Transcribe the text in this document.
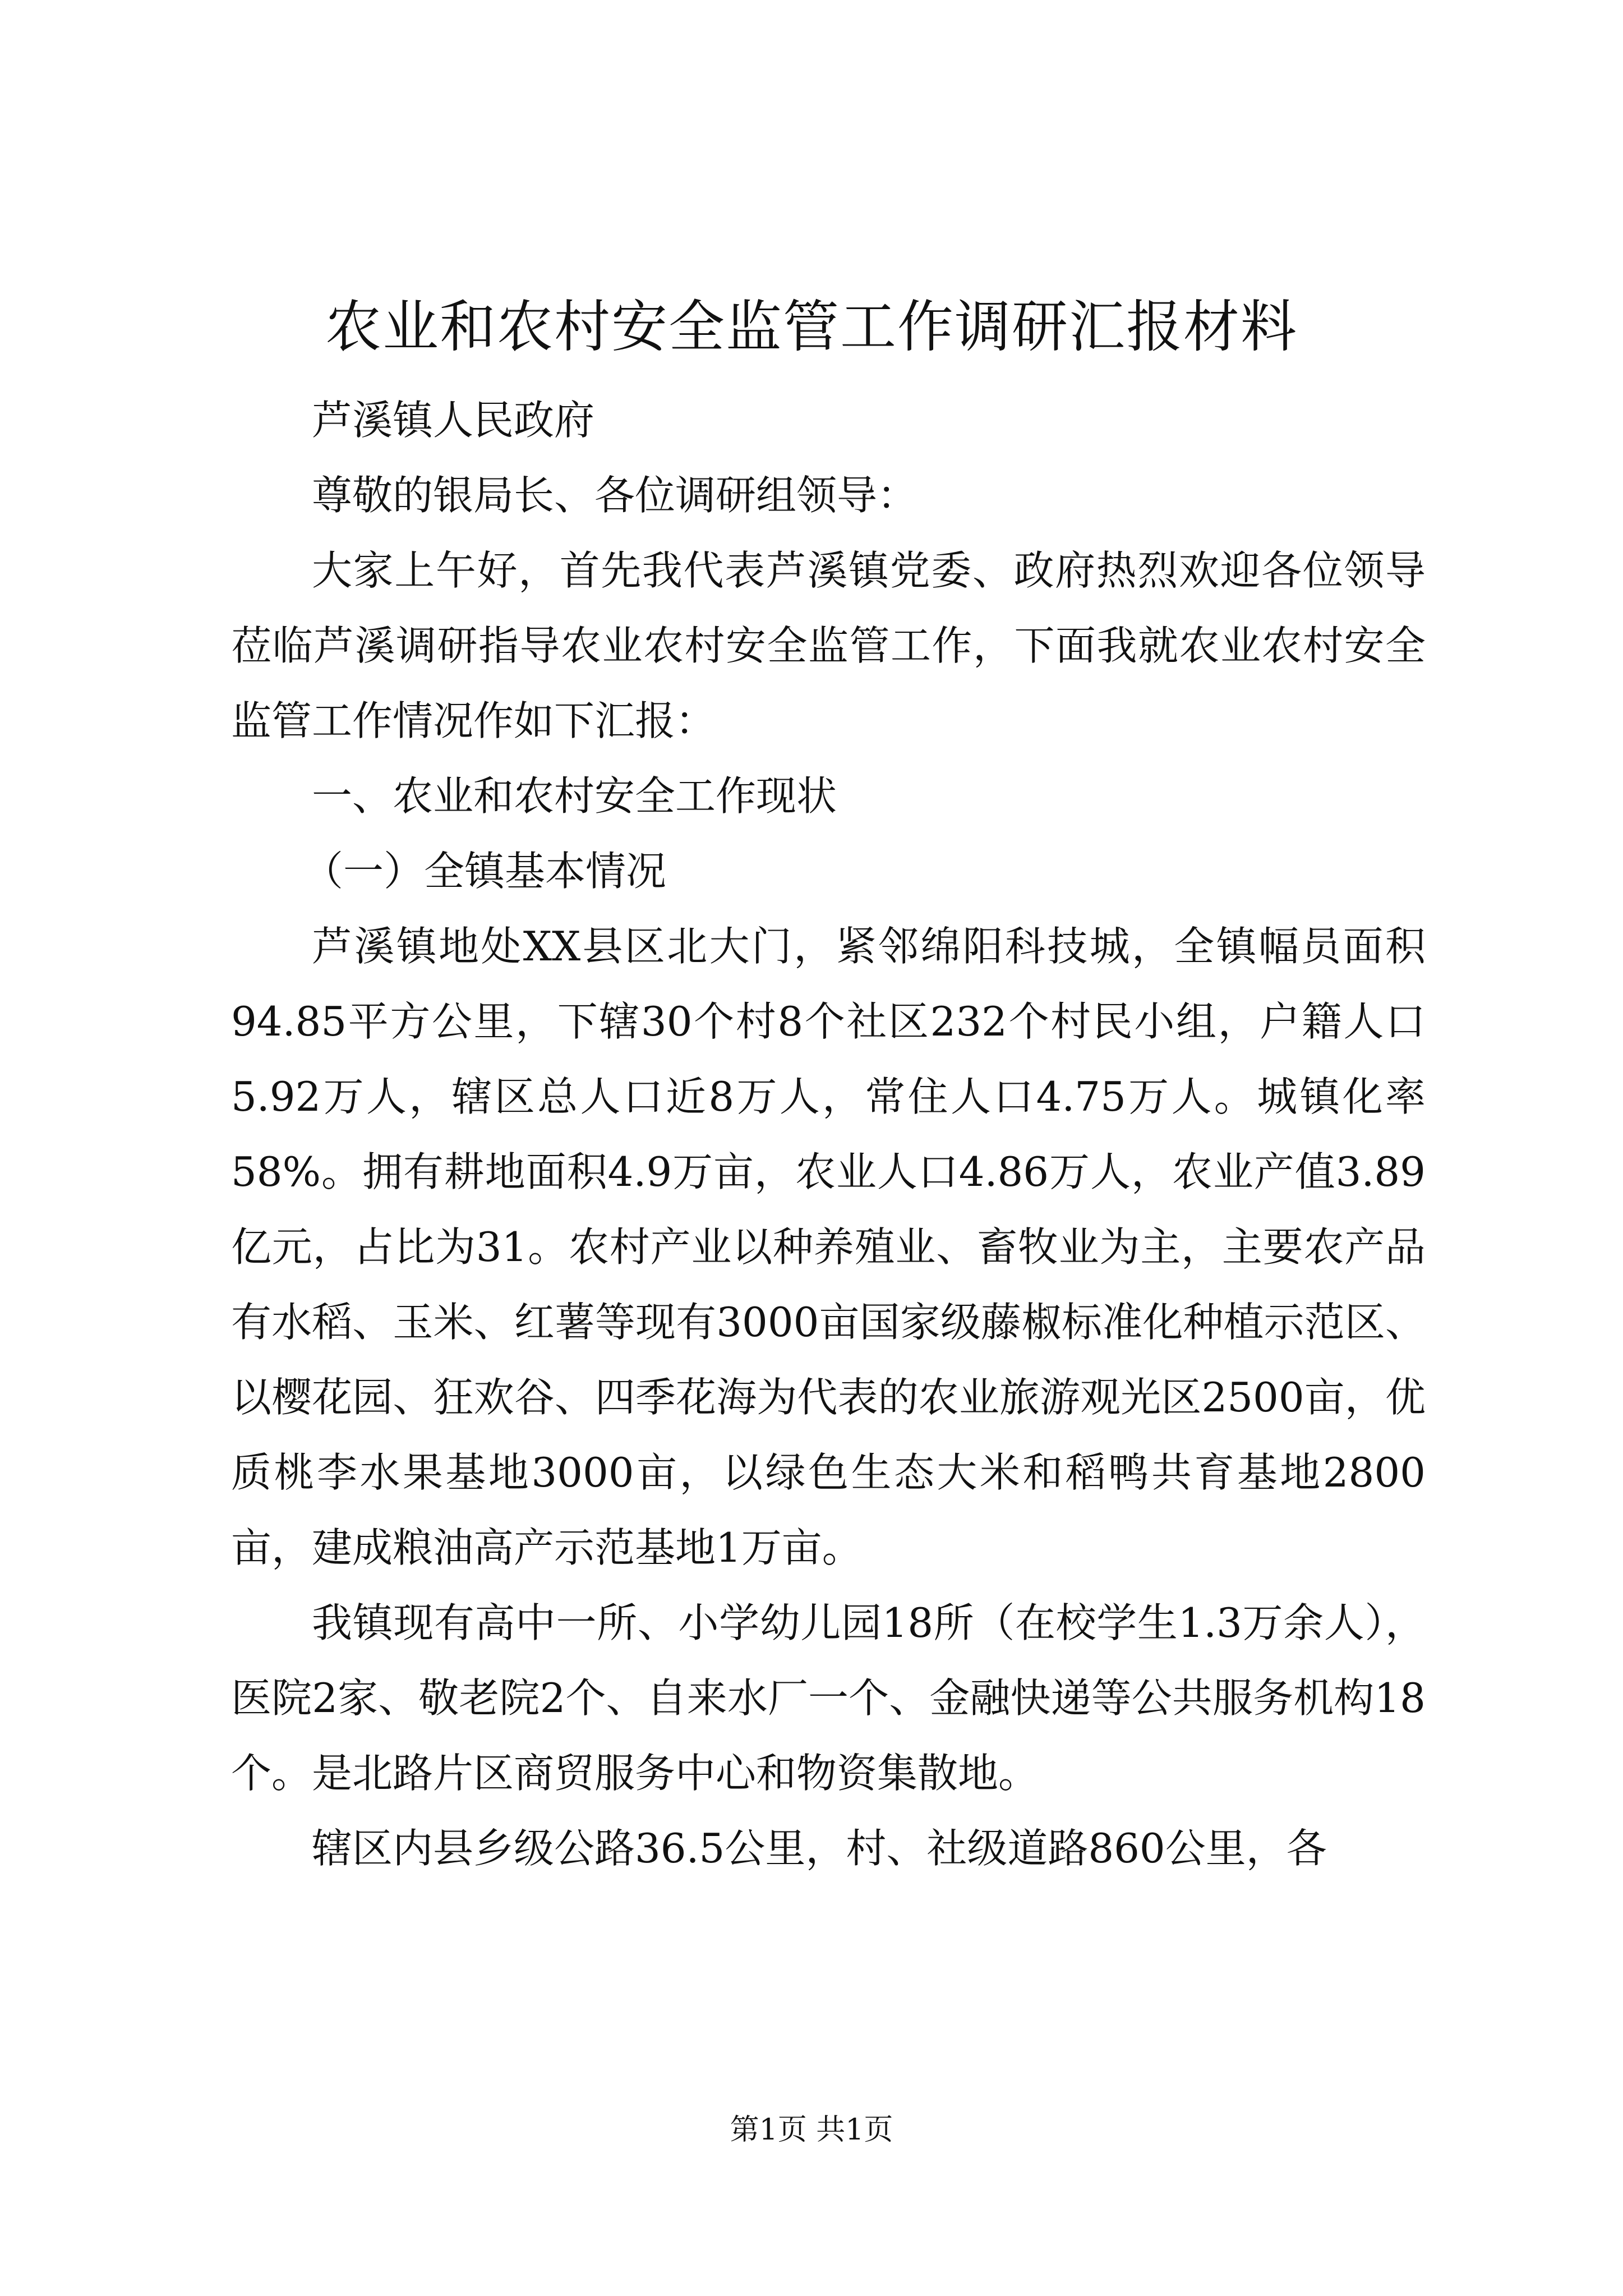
农业和农村安全监管工作调研汇报材料

芦溪镇人民政府

尊敬的银局长、各位调研组领导：

大家上午好，首先我代表芦溪镇党委、政府热烈欢迎各位领导莅临芦溪调研指导农业农村安全监管工作，下面我就农业农村安全监管工作情况作如下汇报：

一、农业和农村安全工作现状

（一）全镇基本情况

芦溪镇地处XX县区北大门，紧邻绵阳科技城，全镇幅员面积94.85平方公里，下辖30个村8个社区232个村民小组，户籍人口5.92万人，辖区总人口近8万人，常住人口4.75万人。城镇化率58%。拥有耕地面积4.9万亩，农业人口4.86万人，农业产值3.89亿元，占比为31。农村产业以种养殖业、畜牧业为主，主要农产品有水稻、玉米、红薯等现有3000亩国家级藤椒标准化种植示范区、以樱花园、狂欢谷、四季花海为代表的农业旅游观光区2500亩，优质桃李水果基地3000亩，以绿色生态大米和稻鸭共育基地2800亩，建成粮油高产示范基地1万亩。

我镇现有高中一所、小学幼儿园18所（在校学生1.3万余人），医院2家、敬老院2个、自来水厂一个、金融快递等公共服务机构18个。是北路片区商贸服务中心和物资集散地。

辖区内县乡级公路36.5公里，村、社级道路860公里，各

第1页 共1页
